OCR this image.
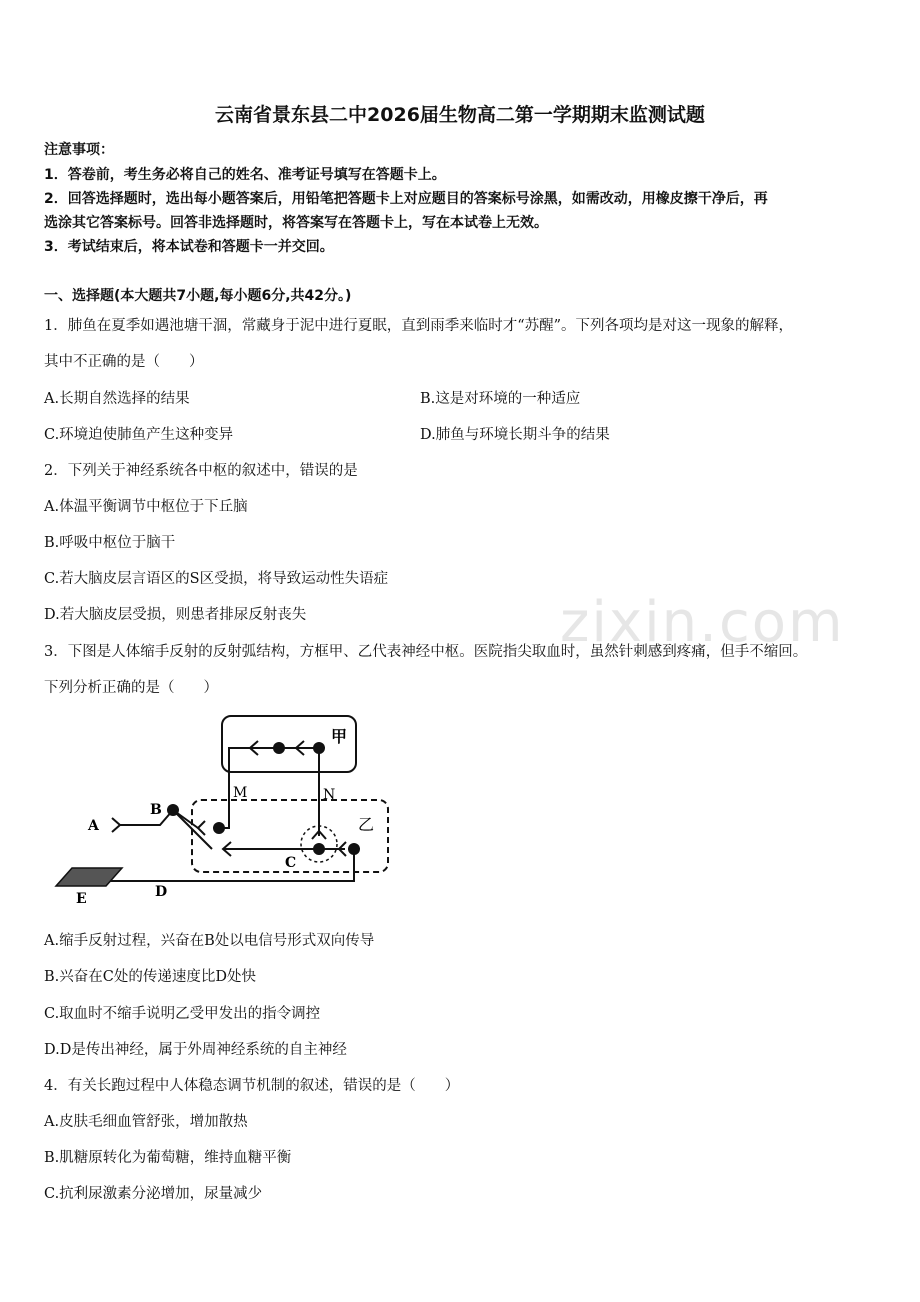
zixin.com
云南省景东县二中2026届生物高二第一学期期末监测试题
注意事项：
1．答卷前，考生务必将自己的姓名、准考证号填写在答题卡上。
2．回答选择题时，选出每小题答案后，用铅笔把答题卡上对应题目的答案标号涂黑，如需改动，用橡皮擦干净后，再
选涂其它答案标号。回答非选择题时，将答案写在答题卡上，写在本试卷上无效。
3．考试结束后，将本试卷和答题卡一并交回。
一、选择题(本大题共7小题,每小题6分,共42分。)
1．肺鱼在夏季如遇池塘干涸，常藏身于泥中进行夏眠，直到雨季来临时才“苏醒”。下列各项均是对这一现象的解释，
其中不正确的是（　　）
A.长期自然选择的结果	B.这是对环境的一种适应
C.环境迫使肺鱼产生这种变异	D.肺鱼与环境长期斗争的结果
2．下列关于神经系统各中枢的叙述中，错误的是
A.体温平衡调节中枢位于下丘脑
B.呼吸中枢位于脑干
C.若大脑皮层言语区的S区受损，将导致运动性失语症
D.若大脑皮层受损，则患者排尿反射丧失
3．下图是人体缩手反射的反射弧结构，方框甲、乙代表神经中枢。医院指尖取血时，虽然针刺感到疼痛，但手不缩回。
下列分析正确的是（　　）
甲
乙
M	N
A
B
C
D
E
A.缩手反射过程，兴奋在B处以电信号形式双向传导
B.兴奋在C处的传递速度比D处快
C.取血时不缩手说明乙受甲发出的指令调控
D.D是传出神经，属于外周神经系统的自主神经
4．有关长跑过程中人体稳态调节机制的叙述，错误的是（　　）
A.皮肤毛细血管舒张，增加散热
B.肌糖原转化为葡萄糖，维持血糖平衡
C.抗利尿激素分泌增加，尿量减少
